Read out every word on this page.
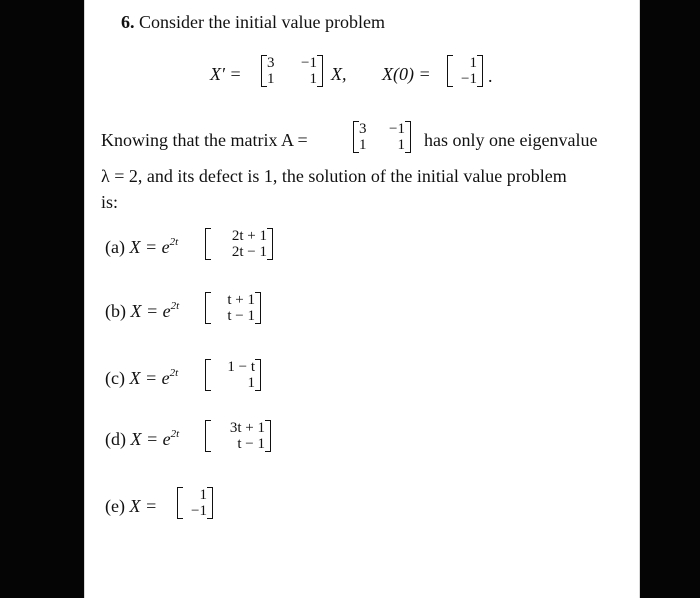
6. Consider the initial value problem
X′ =
3 −1
1 1 X, X(0) =
1
−1 .
Knowing that the matrix A =
3 −1
1 1 has only one eigenvalue
λ = 2, and its defect is 1, the solution of the initial value problem
is:
(a) $X = e^{2t}$	2t + 1
2t − 1
(b) $X = e^{2t}$	t + 1
t − 1
(c) $X = e^{2t}$	1 − t
1
(d) $X = e^{2t}$	3t + 1
t − 1
(e) X =
1
−1
